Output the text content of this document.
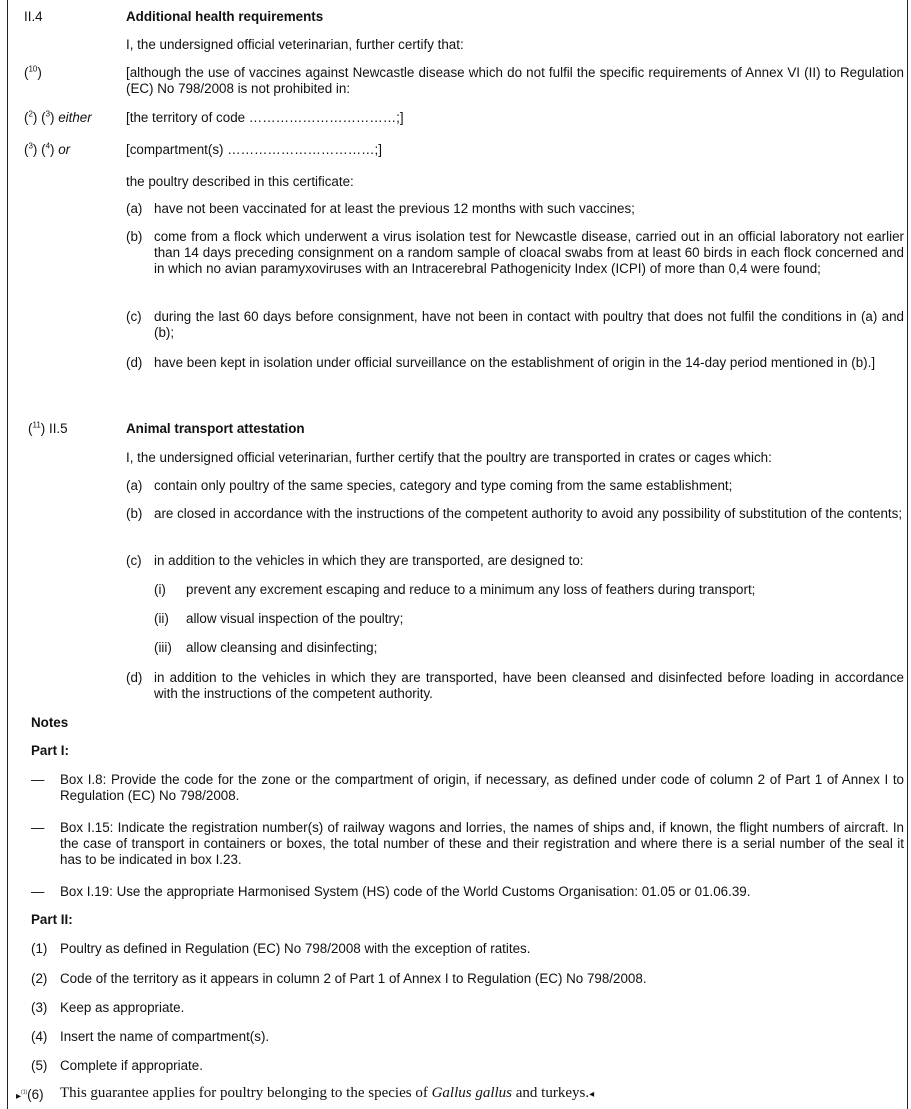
II.4	Additional health requirements
I, the undersigned official veterinarian, further certify that:
($^{10}$)	[although the use of vaccines against Newcastle disease which do not fulfil the specific requirements of Annex VI (II) to Regulation (EC) No 798/2008 is not prohibited in:
($^2$) ($^3$) either	[the territory of code ……………………………;]
($^3$) ($^4$) or	[compartment(s) ……………………………;]
the poultry described in this certificate:
(a) have not been vaccinated for at least the previous 12 months with such vaccines;
(b) come from a flock which underwent a virus isolation test for Newcastle disease, carried out in an official laboratory not earlier than 14 days preceding consignment on a random sample of cloacal swabs from at least 60 birds in each flock concerned and in which no avian paramyxoviruses with an Intracerebral Pathogenicity Index (ICPI) of more than 0,4 were found;
(c) during the last 60 days before consignment, have not been in contact with poultry that does not fulfil the conditions in (a) and (b);
(d) have been kept in isolation under official surveillance on the establishment of origin in the 14-day period mentioned in (b).]
($^{11}$) II.5	Animal transport attestation
I, the undersigned official veterinarian, further certify that the poultry are transported in crates or cages which:
(a) contain only poultry of the same species, category and type coming from the same establishment;
(b) are closed in accordance with the instructions of the competent authority to avoid any possibility of substitution of the contents;
(c) in addition to the vehicles in which they are transported, are designed to:
(i) prevent any excrement escaping and reduce to a minimum any loss of feathers during transport;
(ii) allow visual inspection of the poultry;
(iii) allow cleansing and disinfecting;
(d) in addition to the vehicles in which they are transported, have been cleansed and disinfected before loading in accordance with the instructions of the competent authority.
Notes
Part I:
— Box I.8: Provide the code for the zone or the compartment of origin, if necessary, as defined under code of column 2 of Part 1 of Annex I to Regulation (EC) No 798/2008.
— Box I.15: Indicate the registration number(s) of railway wagons and lorries, the names of ships and, if known, the flight numbers of aircraft. In the case of transport in containers or boxes, the total number of these and their registration and where there is a serial number of the seal it has to be indicated in box I.23.
— Box I.19: Use the appropriate Harmonised System (HS) code of the World Customs Organisation: 01.05 or 01.06.39.
Part II:
(1) Poultry as defined in Regulation (EC) No 798/2008 with the exception of ratites.
(2) Code of the territory as it appears in column 2 of Part 1 of Annex I to Regulation (EC) No 798/2008.
(3) Keep as appropriate.
(4) Insert the name of compartment(s).
(5) Complete if appropriate.
▸$^{(1)}$(6) This guarantee applies for poultry belonging to the species of Gallus gallus and turkeys.◂
